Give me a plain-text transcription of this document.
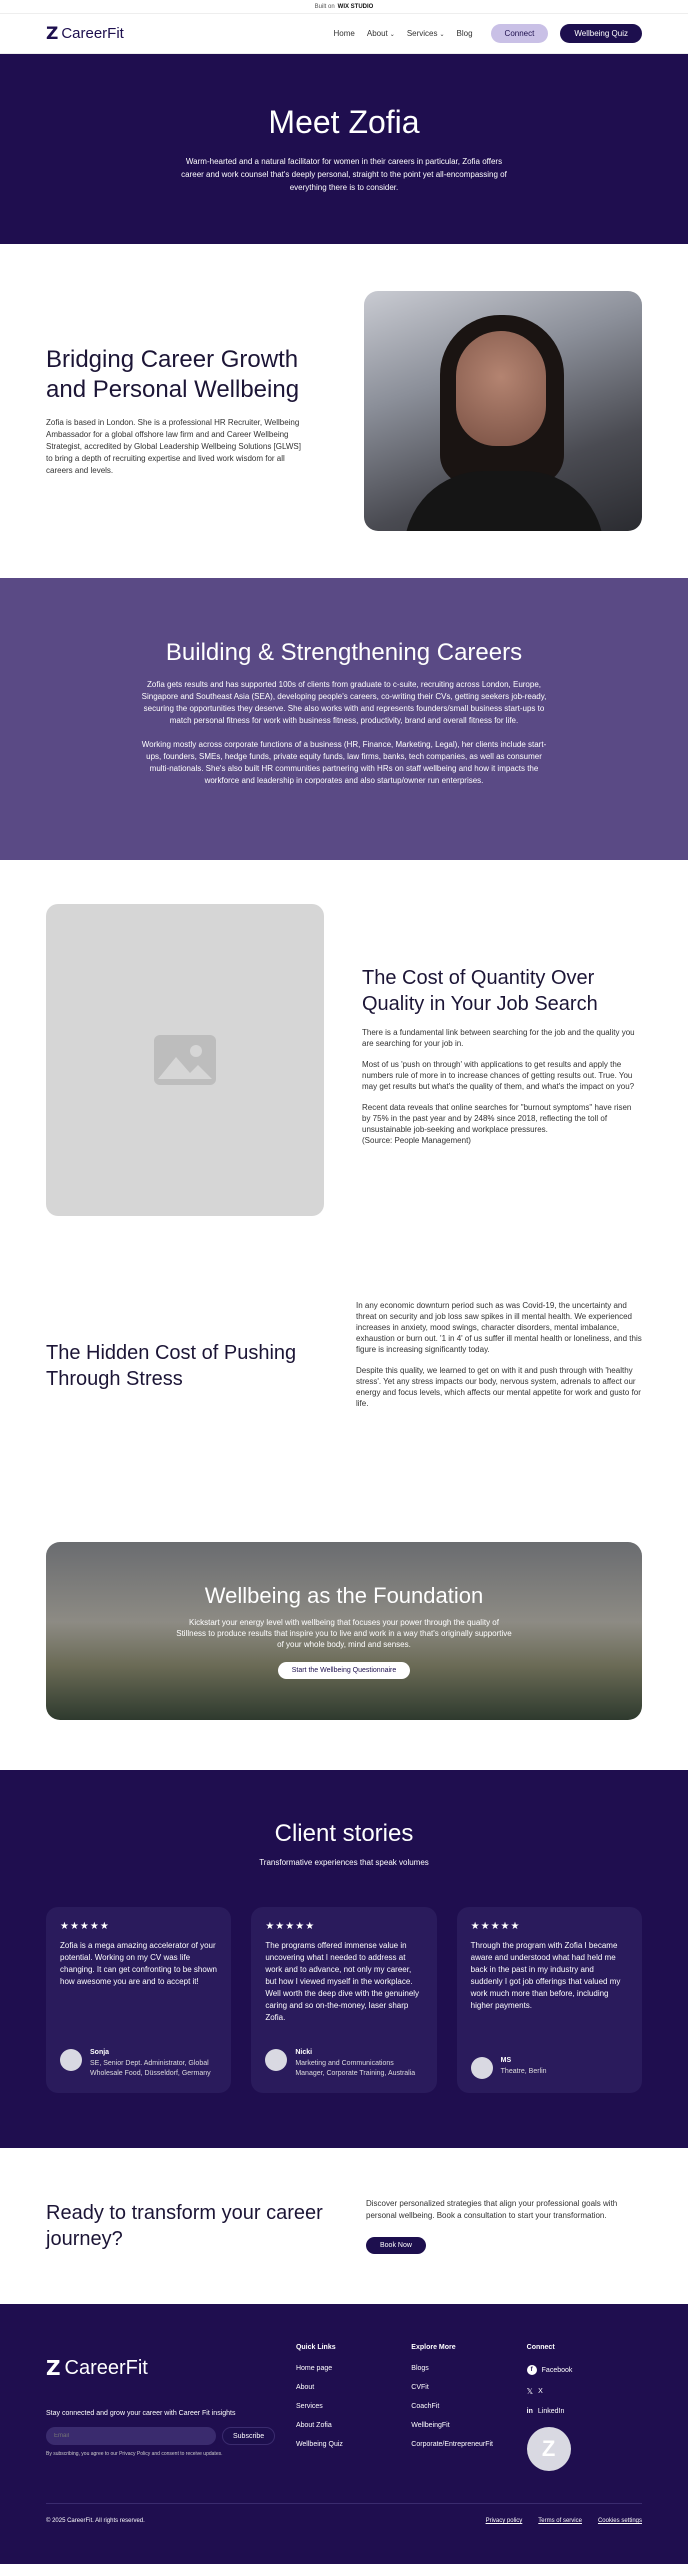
Built on WIX STUDIO
Z CareerFit	Home About ⌄ Services ⌄ Blog	Connect	Wellbeing Quiz
Meet Zofia

Warm-hearted and a natural facilitator for women in their careers in particular, Zofia offers career and work counsel that's deeply personal, straight to the point yet all-encompassing of everything there is to consider.

Bridging Career Growth and Personal Wellbeing

Zofia is based in London. She is a professional HR Recruiter, Wellbeing Ambassador for a global offshore law firm and and Career Wellbeing Strategist, accredited by Global Leadership Wellbeing Solutions [GLWS] to bring a depth of recruiting expertise and lived work wisdom for all careers and levels.

Building & Strengthening Careers

Zofia gets results and has supported 100s of clients from graduate to c-suite, recruiting across London, Europe, Singapore and Southeast Asia (SEA), developing people's careers, co-writing their CVs, getting seekers job-ready, securing the opportunities they deserve. She also works with and represents founders/small business start-ups to match personal fitness for work with business fitness, productivity, brand and overall fitness for life.

Working mostly across corporate functions of a business (HR, Finance, Marketing, Legal), her clients include start-ups, founders, SMEs, hedge funds, private equity funds, law firms, banks, tech companies, as well as consumer multi-nationals. She's also built HR communities partnering with HRs on staff wellbeing and how it impacts the workforce and leadership in corporates and also startup/owner run enterprises.

The Cost of Quantity Over Quality in Your Job Search

There is a fundamental link between searching for the job and the quality you are searching for your job in.

Most of us 'push on through' with applications to get results and apply the numbers rule of more in to increase chances of getting results out. True. You may get results but what's the quality of them, and what's the impact on you?

Recent data reveals that online searches for "burnout symptoms" have risen by 75% in the past year and by 248% since 2018, reflecting the toll of unsustainable job-seeking and workplace pressures.
(Source: People Management)

The Hidden Cost of Pushing Through Stress

In any economic downturn period such as was Covid-19, the uncertainty and threat on security and job loss saw spikes in ill mental health. We experienced increases in anxiety, mood swings, character disorders, mental imbalance, exhaustion or burn out. '1 in 4' of us suffer ill mental health or loneliness, and this figure is increasing significantly today.

Despite this quality, we learned to get on with it and push through with 'healthy stress'. Yet any stress impacts our body, nervous system, adrenals to affect our energy and focus levels, which affects our mental appetite for work and gusto for life.

Wellbeing as the Foundation

Kickstart your energy level with wellbeing that focuses your power through the quality of Stillness to produce results that inspire you to live and work in a way that's originally supportive of your whole body, mind and senses.

Start the Wellbeing Questionnaire
Client stories
Transformative experiences that speak volumes
★★★★★
Zofia is a mega amazing accelerator of your potential. Working on my CV was life changing. It can get confronting to be shown how awesome you are and to accept it!
Sonja
SE, Senior Dept. Administrator, Global Wholesale Food, Düsseldorf, Germany
★★★★★
The programs offered immense value in uncovering what I needed to address at work and to advance, not only my career, but how I viewed myself in the workplace. Well worth the deep dive with the genuinely caring and so on-the-money, laser sharp Zofia.
Nicki
Marketing and Communications Manager, Corporate Training, Australia
★★★★★
Through the program with Zofia I became aware and understood what had held me back in the past in my industry and suddenly I got job offerings that valued my work much more than before, including higher payments.
MS
Theatre, Berlin
Ready to transform your career journey?

Discover personalized strategies that align your professional goals with personal wellbeing. Book a consultation to start your transformation.

Book Now
Z CareerFit
Stay connected and grow your career with Career Fit insights
Email
Subscribe
By subscribing, you agree to our Privacy Policy and consent to receive updates.
Quick Links
Home page
About
Services
About Zofia
Wellbeing Quiz
Explore More
Blogs
CVFit
CoachFit
WellbeingFit
Corporate/EntrepreneurFit
Connect
f	Facebook
𝕏 X
in LinkedIn
Z
© 2025 CareerFit. All rights reserved.	Privacy policy	Terms of service	Cookies settings
